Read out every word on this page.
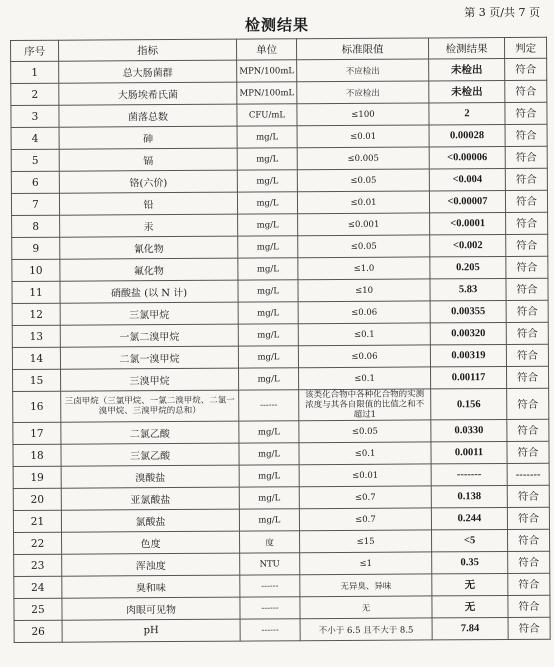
第 3 页/共 7 页
检测结果
序号	指标	单位	标准限值	检测结果	判定
1	总大肠菌群	MPN/100mL	不应检出	未检出	符合
2	大肠埃希氏菌	MPN/100mL	不应检出	未检出	符合
3	菌落总数	CFU/mL	≤100	2	符合
4	砷	mg/L	≤0.01	0.00028	符合
5	镉	mg/L	≤0.005	<0.00006	符合
6	铬(六价)	mg/L	≤0.05	<0.004	符合
7	铅	mg/L	≤0.01	<0.00007	符合
8	汞	mg/L	≤0.001	<0.0001	符合
9	氰化物	mg/L	≤0.05	<0.002	符合
10	氟化物	mg/L	≤1.0	0.205	符合
11	硝酸盐 (以 N 计)	mg/L	≤10	5.83	符合
12	三氯甲烷	mg/L	≤0.06	0.00355	符合
13	一氯二溴甲烷	mg/L	≤0.1	0.00320	符合
14	二氯一溴甲烷	mg/L	≤0.06	0.00319	符合
15	三溴甲烷	mg/L	≤0.1	0.00117	符合
16	三卤甲烷（三氯甲烷、一氯二溴甲烷、二氯一溴甲烷、三溴甲烷的总和）	------	该类化合物中各种化合物的实测浓度与其各自限值的比值之和不超过1	0.156	符合
17	二氯乙酸	mg/L	≤0.05	0.0330	符合
18	三氯乙酸	mg/L	≤0.1	0.0011	符合
19	溴酸盐	mg/L	≤0.01	-------	-------
20	亚氯酸盐	mg/L	≤0.7	0.138	符合
21	氯酸盐	mg/L	≤0.7	0.244	符合
22	色度	度	≤15	<5	符合
23	浑浊度	NTU	≤1	0.35	符合
24	臭和味	------	无异臭、异味	无	符合
25	肉眼可见物	------	无	无	符合
26	pH	------	不小于 6.5 且不大于 8.5	7.84	符合
